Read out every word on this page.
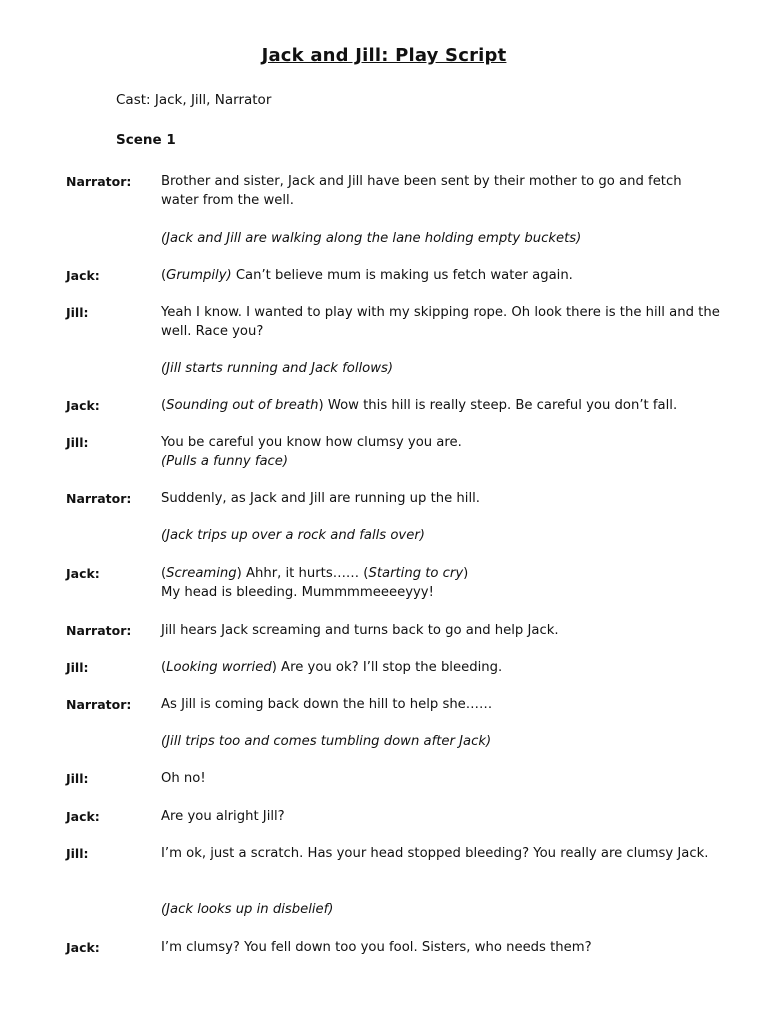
Jack and Jill: Play Script
Cast: Jack, Jill, Narrator
Scene 1
Narrator: Brother and sister, Jack and Jill have been sent by their mother to go and fetch water from the well.
(Jack and Jill are walking along the lane holding empty buckets)
Jack:	(Grumpily) Can’t believe mum is making us fetch water again.
Jill:	Yeah I know. I wanted to play with my skipping rope. Oh look there is the hill and the well. Race you?
(Jill starts running and Jack follows)
Jack:	(Sounding out of breath) Wow this hill is really steep. Be careful you don’t fall.
Jill:	You be careful you know how clumsy you are.
(Pulls a funny face)
Narrator: Suddenly, as Jack and Jill are running up the hill.
(Jack trips up over a rock and falls over)
Jack:	(Screaming) Ahhr, it hurts…… (Starting to cry)
My head is bleeding. Mummmmeeeeyyy!
Narrator: Jill hears Jack screaming and turns back to go and help Jack.
Jill:	(Looking worried) Are you ok? I’ll stop the bleeding.
Narrator: As Jill is coming back down the hill to help she……
(Jill trips too and comes tumbling down after Jack)
Jill:	Oh no!
Jack:	Are you alright Jill?
Jill:	I’m ok, just a scratch. Has your head stopped bleeding? You really are clumsy Jack.
(Jack looks up in disbelief)
Jack:	I’m clumsy? You fell down too you fool. Sisters, who needs them?
